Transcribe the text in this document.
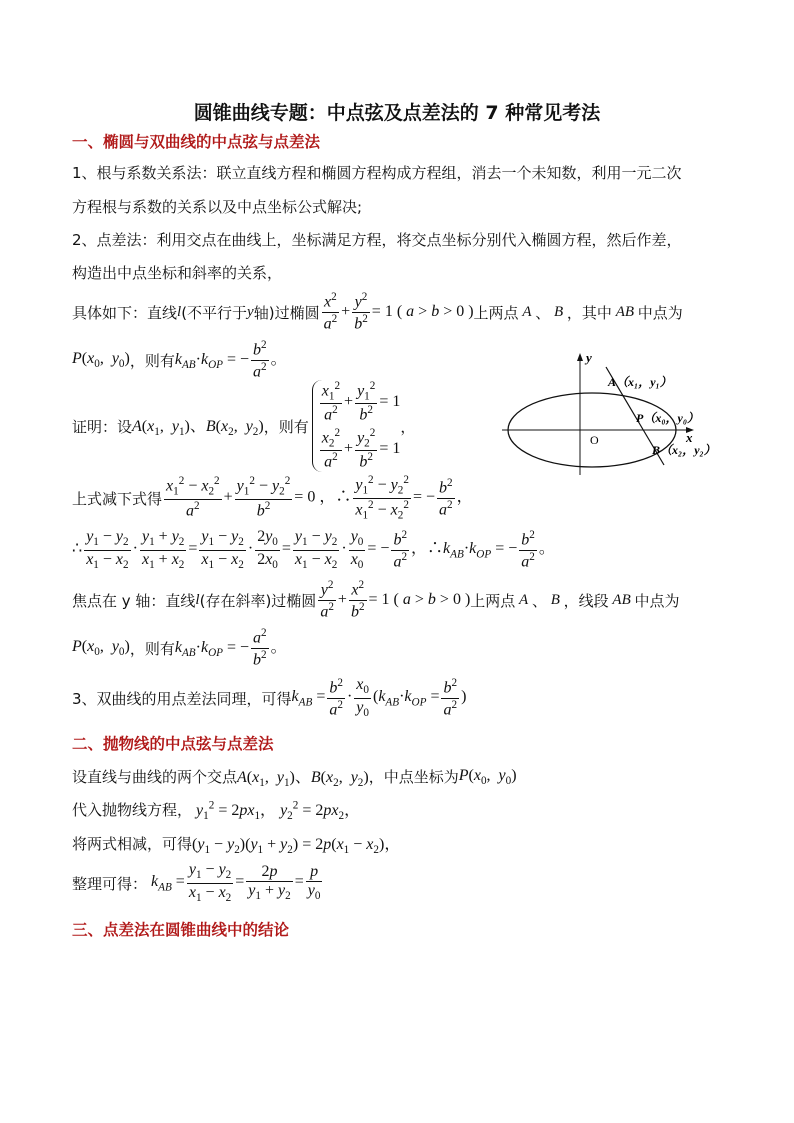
圆锥曲线专题：中点弦及点差法的 7 种常见考法
一、椭圆与双曲线的中点弦与点差法
1、根与系数关系法：联立直线方程和椭圆方程构成方程组，消去一个未知数，利用一元二次
方程根与系数的关系以及中点坐标公式解决;
2、点差法：利用交点在曲线上，坐标满足方程，将交点坐标分别代入椭圆方程，然后作差，
构造出中点坐标和斜率的关系，
具体如下：直线 l (不平行于 y 轴)过椭圆 $\frac{x^2}{a^2} + \frac{y^2}{b^2} = 1$ ( a > b > 0 ) 上两点 A 、 B ，其中 AB 中点为
$P(x_0$,  $y_0$) ，则有 $k_{AB}\cdot k_{OP}$ = − $\frac{b^2}{a^2}$ 。
证明：设 $A(x_1$,  $y_1$)、$B(x_2$,  $y_2$) ，则有
$\frac{x_1^2}{a^2} + \frac{y_1^2}{b^2} = 1$
$\frac{x_2^2}{a^2} + \frac{y_2^2}{b^2} = 1$
，
y
x
O
A（x₁，y₁）
P（x₀，y₀）
B（x₂，y₂）
上式减下式得 $\frac{x_1^2 - x_2^2}{a^2} + \frac{y_1^2 - y_2^2}{b^2} = 0$ ，∴ $\frac{y_1^2 - y_2^2}{x_1^2 - x_2^2}$ = − $\frac{b^2}{a^2}$ ，
∴ $\frac{y_1 - y_2}{x_1 - x_2} \cdot \frac{y_1 + y_2}{x_1 + x_2} = \frac{y_1 - y_2}{x_1 - x_2} \cdot \frac{2y_0}{2x_0} = \frac{y_1 - y_2}{x_1 - x_2} \cdot \frac{y_0}{x_0}$ = − $\frac{b^2}{a^2}$ ，$\therefore k_{AB}\cdot k_{OP}$ = − $\frac{b^2}{a^2}$ 。
焦点在 y 轴：直线 l (存在斜率)过椭圆 $\frac{y^2}{a^2} + \frac{x^2}{b^2} = 1$ ( a > b > 0 ) 上两点 A 、 B ，线段 AB 中点为
$P(x_0$,  $y_0$) ，则有 $k_{AB}\cdot k_{OP}$ = − $\frac{a^2}{b^2}$ 。
3、双曲线的用点差法同理，可得 $k_{AB} = \frac{b^2}{a^2} \cdot \frac{x_0}{y_0} (k_{AB}\cdot k_{OP} = \frac{b^2}{a^2}$ )
二、抛物线的中点弦与点差法
设直线与曲线的两个交点 $A(x_1$,  $y_1$)、$B(x_2$,  $y_2$) ，中点坐标为 $P(x_0$,  $y_0$)
代入抛物线方程， $y_1^2 = 2px_1$， $y_2^2 = 2px_2$，
将两式相减，可得 $(y_1 - y_2)(y_1 + y_2) = 2p(x_1 - x_2)$，
整理可得： $k_{AB} = \frac{y_1 - y_2}{x_1 - x_2} = \frac{2p}{y_1 + y_2} = \frac{p}{y_0}$
三、点差法在圆锥曲线中的结论
